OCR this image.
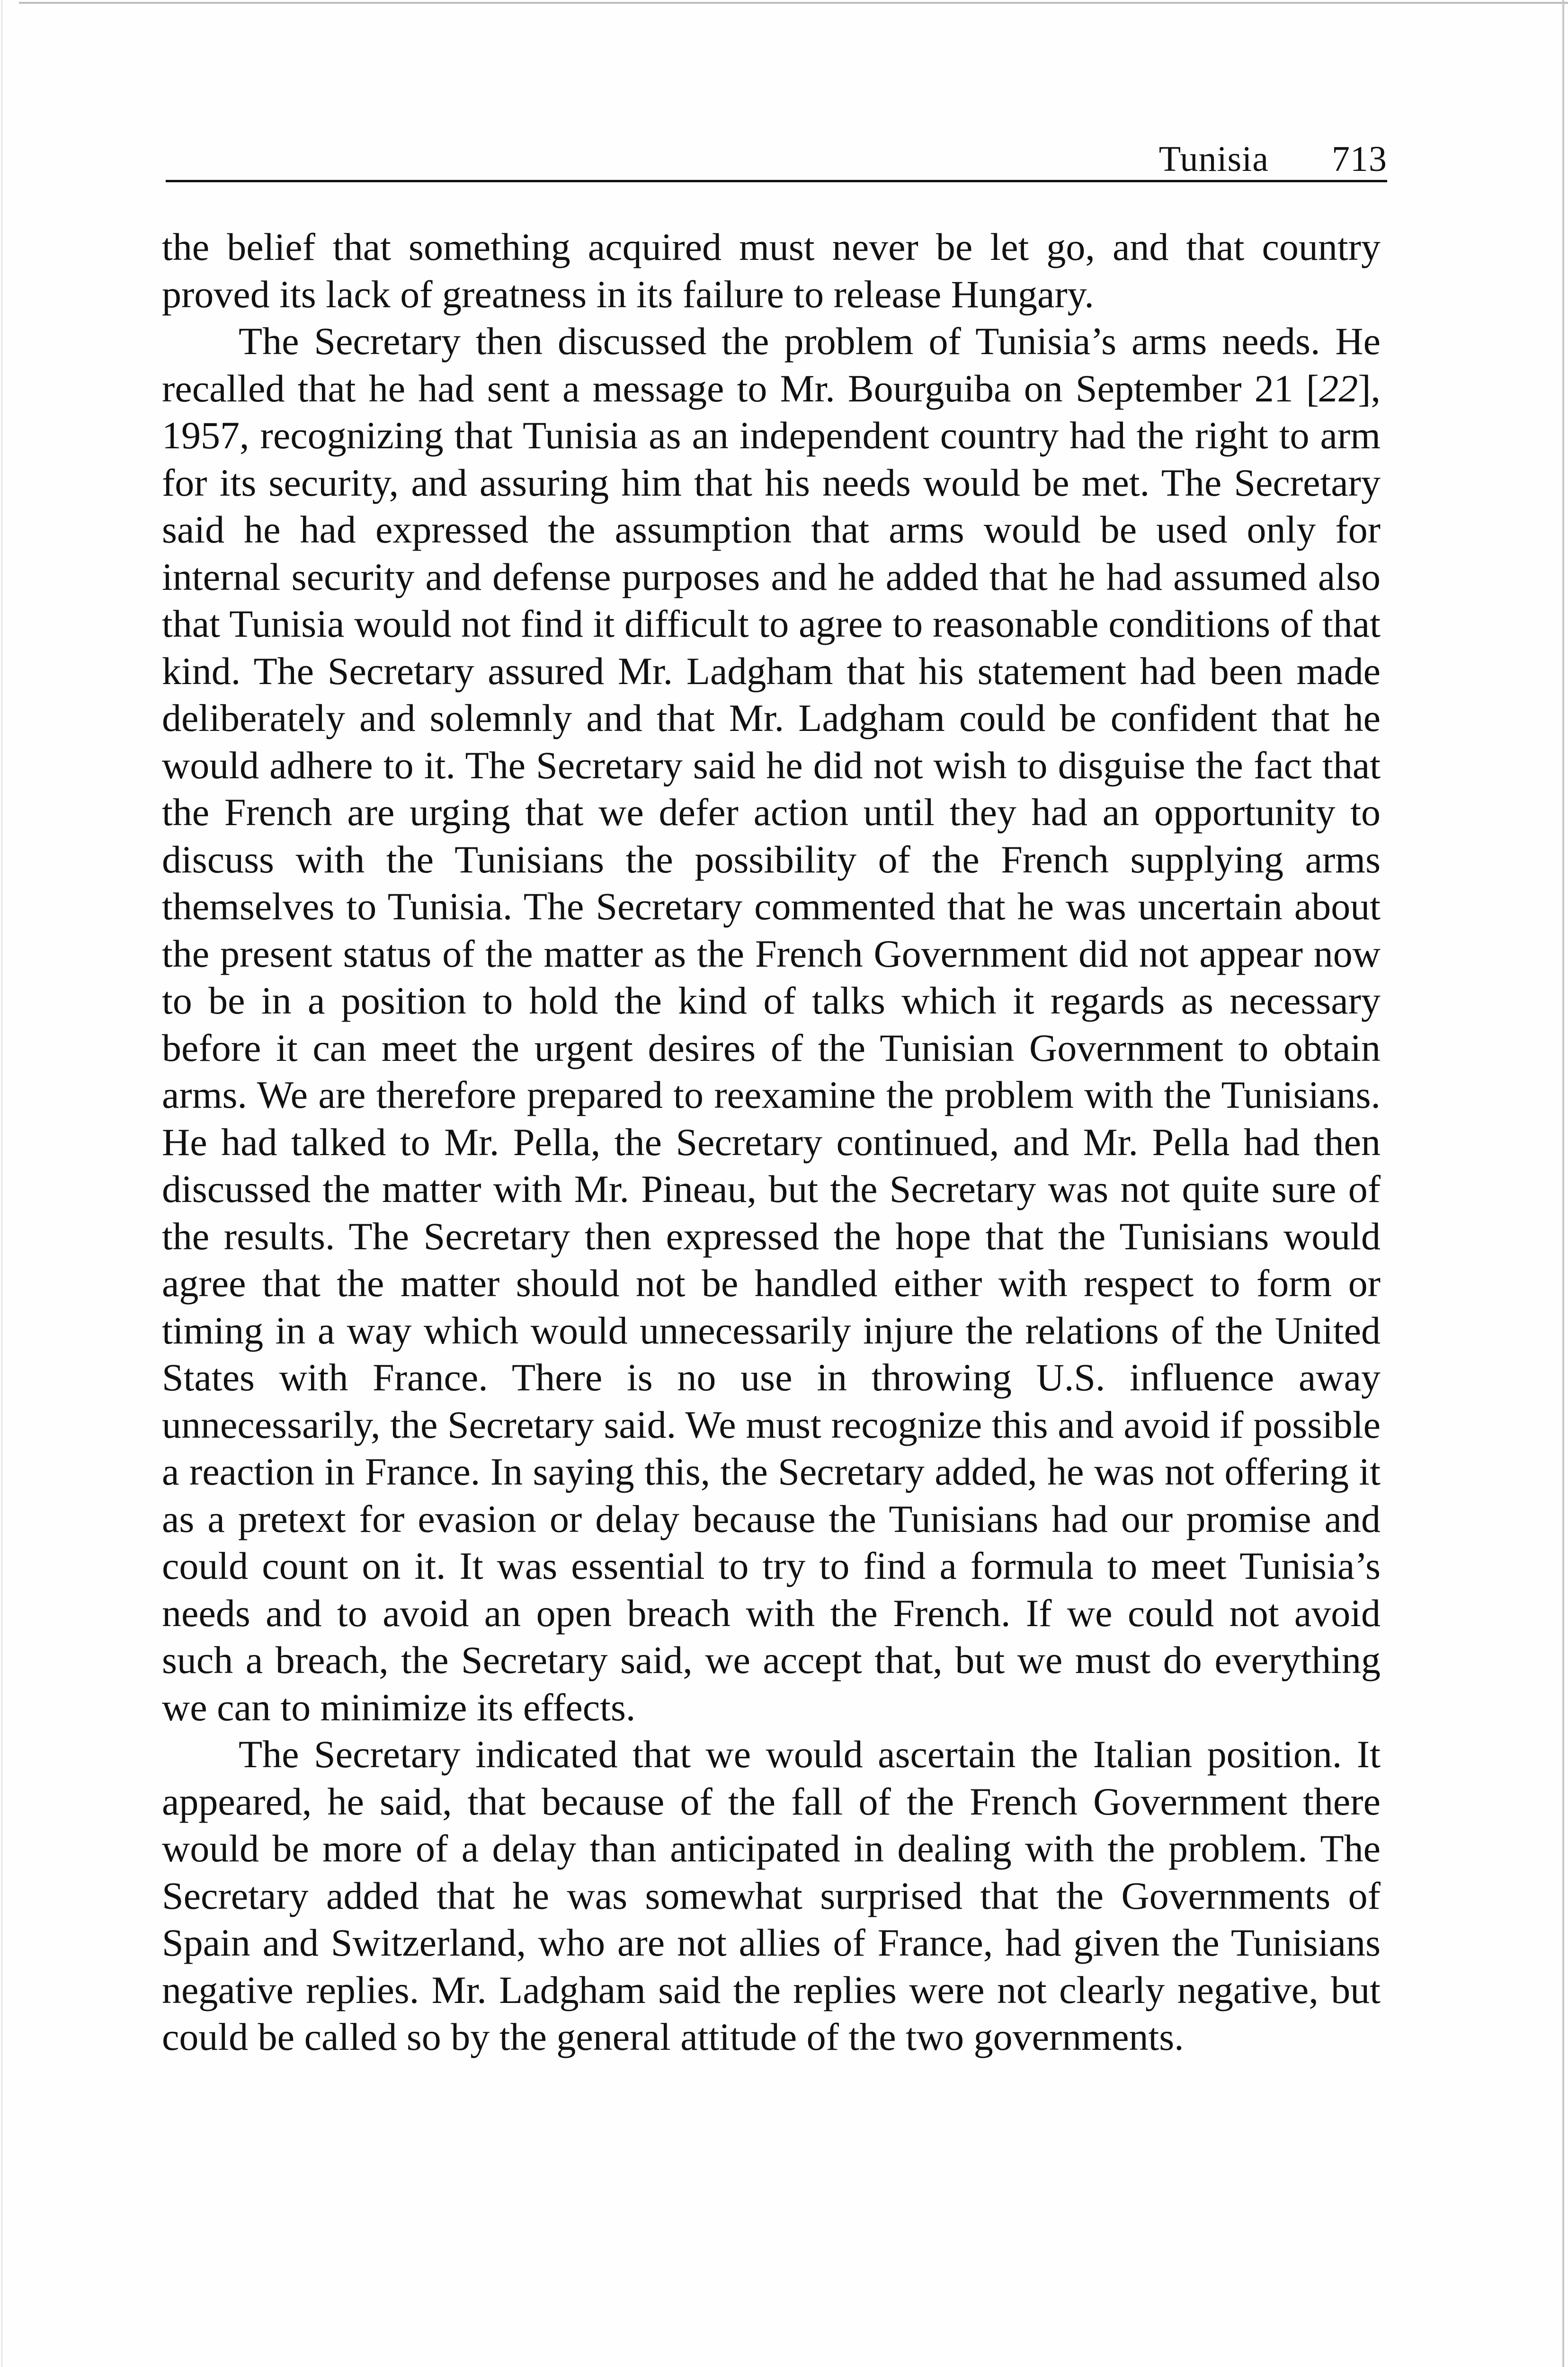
Tunisia 713

the belief that something acquired must never be let go, and that country proved its lack of greatness in its failure to release Hungary.

The Secretary then discussed the problem of Tunisia’s arms needs. He recalled that he had sent a message to Mr. Bourguiba on September 21 [22], 1957, recognizing that Tunisia as an independent country had the right to arm for its security, and assuring him that his needs would be met. The Secretary said he had expressed the assumption that arms would be used only for internal security and defense purposes and he added that he had assumed also that Tunisia would not find it difficult to agree to reasonable conditions of that kind. The Secretary assured Mr. Ladgham that his statement had been made deliberately and solemnly and that Mr. Ladgham could be confident that he would adhere to it. The Secretary said he did not wish to disguise the fact that the French are urging that we defer action until they had an opportunity to discuss with the Tunisians the possibility of the French supplying arms themselves to Tunisia. The Secretary commented that he was uncertain about the present status of the matter as the French Government did not appear now to be in a position to hold the kind of talks which it regards as necessary before it can meet the urgent desires of the Tunisian Government to obtain arms. We are therefore prepared to reexamine the problem with the Tunisians. He had talked to Mr. Pella, the Secretary continued, and Mr. Pella had then discussed the matter with Mr. Pineau, but the Secretary was not quite sure of the results. The Secretary then expressed the hope that the Tunisians would agree that the matter should not be handled either with respect to form or timing in a way which would unnecessarily injure the relations of the United States with France. There is no use in throwing U.S. influence away unnecessarily, the Secretary said. We must recognize this and avoid if possible a reaction in France. In saying this, the Secretary added, he was not offering it as a pretext for evasion or delay because the Tunisians had our promise and could count on it. It was essential to try to find a formula to meet Tunisia’s needs and to avoid an open breach with the French. If we could not avoid such a breach, the Secretary said, we accept that, but we must do everything we can to minimize its effects.

The Secretary indicated that we would ascertain the Italian position. It appeared, he said, that because of the fall of the French Government there would be more of a delay than anticipated in dealing with the problem. The Secretary added that he was somewhat surprised that the Governments of Spain and Switzerland, who are not allies of France, had given the Tunisians negative replies. Mr. Ladgham said the replies were not clearly negative, but could be called so by the general attitude of the two governments.
